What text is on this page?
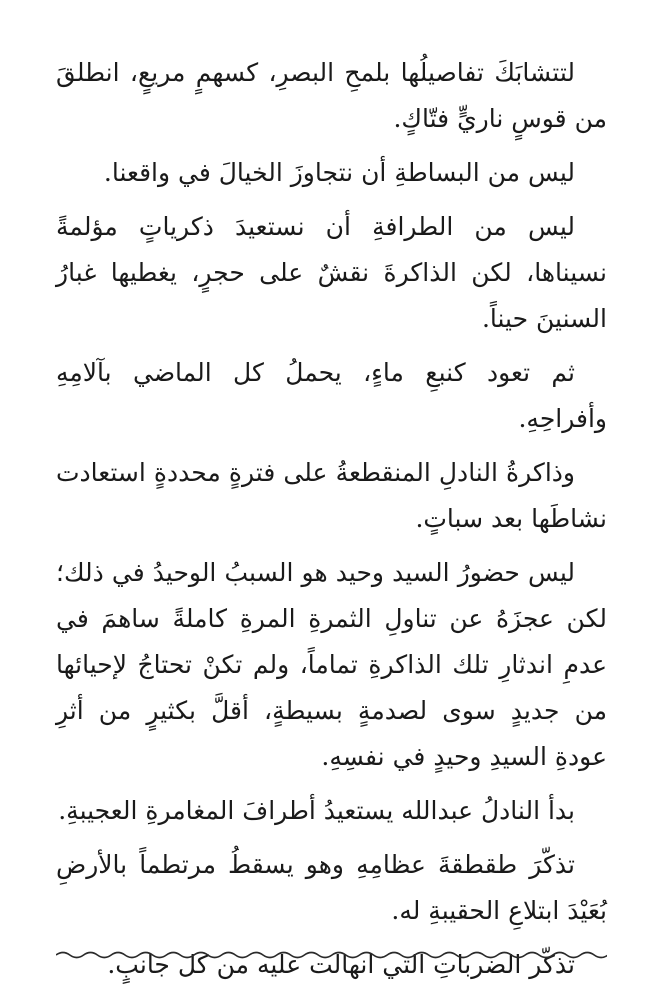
لتتشابَكَ تفاصيلُها بلمحِ البصرِ، كسهمٍ مريعٍ، انطلقَ من قوسٍ ناريٍّ فتّاكٍ.

ليس من البساطةِ أن نتجاوزَ الخيالَ في واقعنا.

ليس من الطرافةِ أن نستعيدَ ذكرياتٍ مؤلمةً نسيناها، لكن الذاكرةَ نقشٌ على حجرٍ، يغطيها غبارُ السنينَ حيناً.

ثم تعود كنبعِ ماءٍ، يحملُ كل الماضي بآلامِهِ وأفراحِهِ.

وذاكرةُ النادلِ المنقطعةُ على فترةٍ محددةٍ استعادت نشاطَها بعد سباتٍ.

ليس حضورُ السيد وحيد هو السببُ الوحيدُ في ذلك؛ لكن عجزَهُ عن تناولِ الثمرةِ المرةِ كاملةً ساهمَ في عدمِ اندثارِ تلك الذاكرةِ تماماً، ولم تكنْ تحتاجُ لإحيائها من جديدٍ سوى لصدمةٍ بسيطةٍ، أقلَّ بكثيرٍ من أثرِ عودةِ السيدِ وحيدٍ في نفسِهِ.

بدأ النادلُ عبدالله يستعيدُ أطرافَ المغامرةِ العجيبةِ.

تذكّرَ طقطقةَ عظامِهِ وهو يسقطُ مرتطماً بالأرضِ بُعَيْدَ ابتلاعِ الحقيبةِ له.

تذكّر الضرباتِ التي انهالت عليه من كل جانبٍ.
